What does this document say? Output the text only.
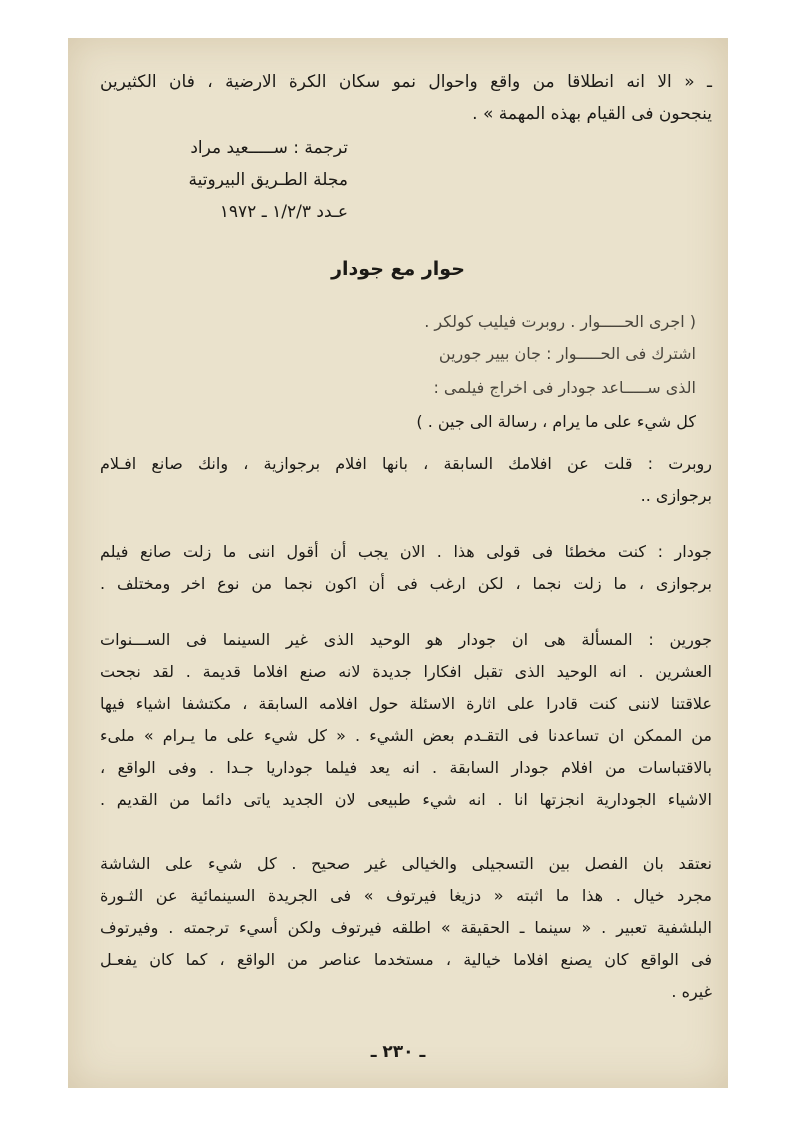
ـ « الا انه انطلاقا من واقع واحوال نمو سكان الكرة الارضية ، فان الكثيرين
ينجحون فى القيام بهذه المهمة » .
ترجمة : ســـــعيد مراد
مجلة الطـريق البيروتية
عـدد ۱/۲/۳ ـ ۱۹۷۲
حوار مع جودار
( اجرى الحـــــوار . روبرت فيليب كولكر .
اشترك فى الحـــــوار : جان بيير جورين
الذى ســـــاعد جودار فى اخراج فيلمى :
كل شيء على ما يرام ، رسالة الى جين . )
روبرت : قلت عن افلامك السابقة ، بانها افلام برجوازية ، وانك صانع افـلام
برجوازى ..
جودار : كنت مخطئا فى قولى هذا . الان يجب أن أقول اننى ما زلت صانع فيلم
برجوازى ، ما زلت نجما ، لكن ارغب فى أن اكون نجما من نوع اخر ومختلف .
جورين : المسألة هى ان جودار هو الوحيد الذى غير السينما فى الســـنوات
العشرين . انه الوحيد الذى تقبل افكارا جديدة لانه صنع افلاما قديمة . لقد نجحت
علاقتنا لاننى كنت قادرا على اثارة الاسئلة حول افلامه السابقة ، مكتشفا اشياء فيها
من الممكن ان تساعدنا فى التقـدم بعض الشيء . « كل شيء على ما يـرام » ملىء
بالاقتباسات من افلام جودار السابقة . انه يعد فيلما جوداريا جـدا . وفى الواقع ،
الاشياء الجودارية انجزتها انا . انه شيء طبيعى لان الجديد ياتى دائما من القديم .
نعتقد بان الفصل بين التسجيلى والخيالى غير صحيح . كل شيء على الشاشة
مجرد خيال . هذا ما اثبته « دزيغا فيرتوف » فى الجريدة السينمائية عن الثـورة
البلشفية تعبير . « سينما ـ الحقيقة » اطلقه فيرتوف ولكن أسيء ترجمته . وفيرتوف
فى الواقع كان يصنع افلاما خيالية ، مستخدما عناصر من الواقع ، كما كان يفعـل
غيره .
ـ ۲۳۰ ـ
